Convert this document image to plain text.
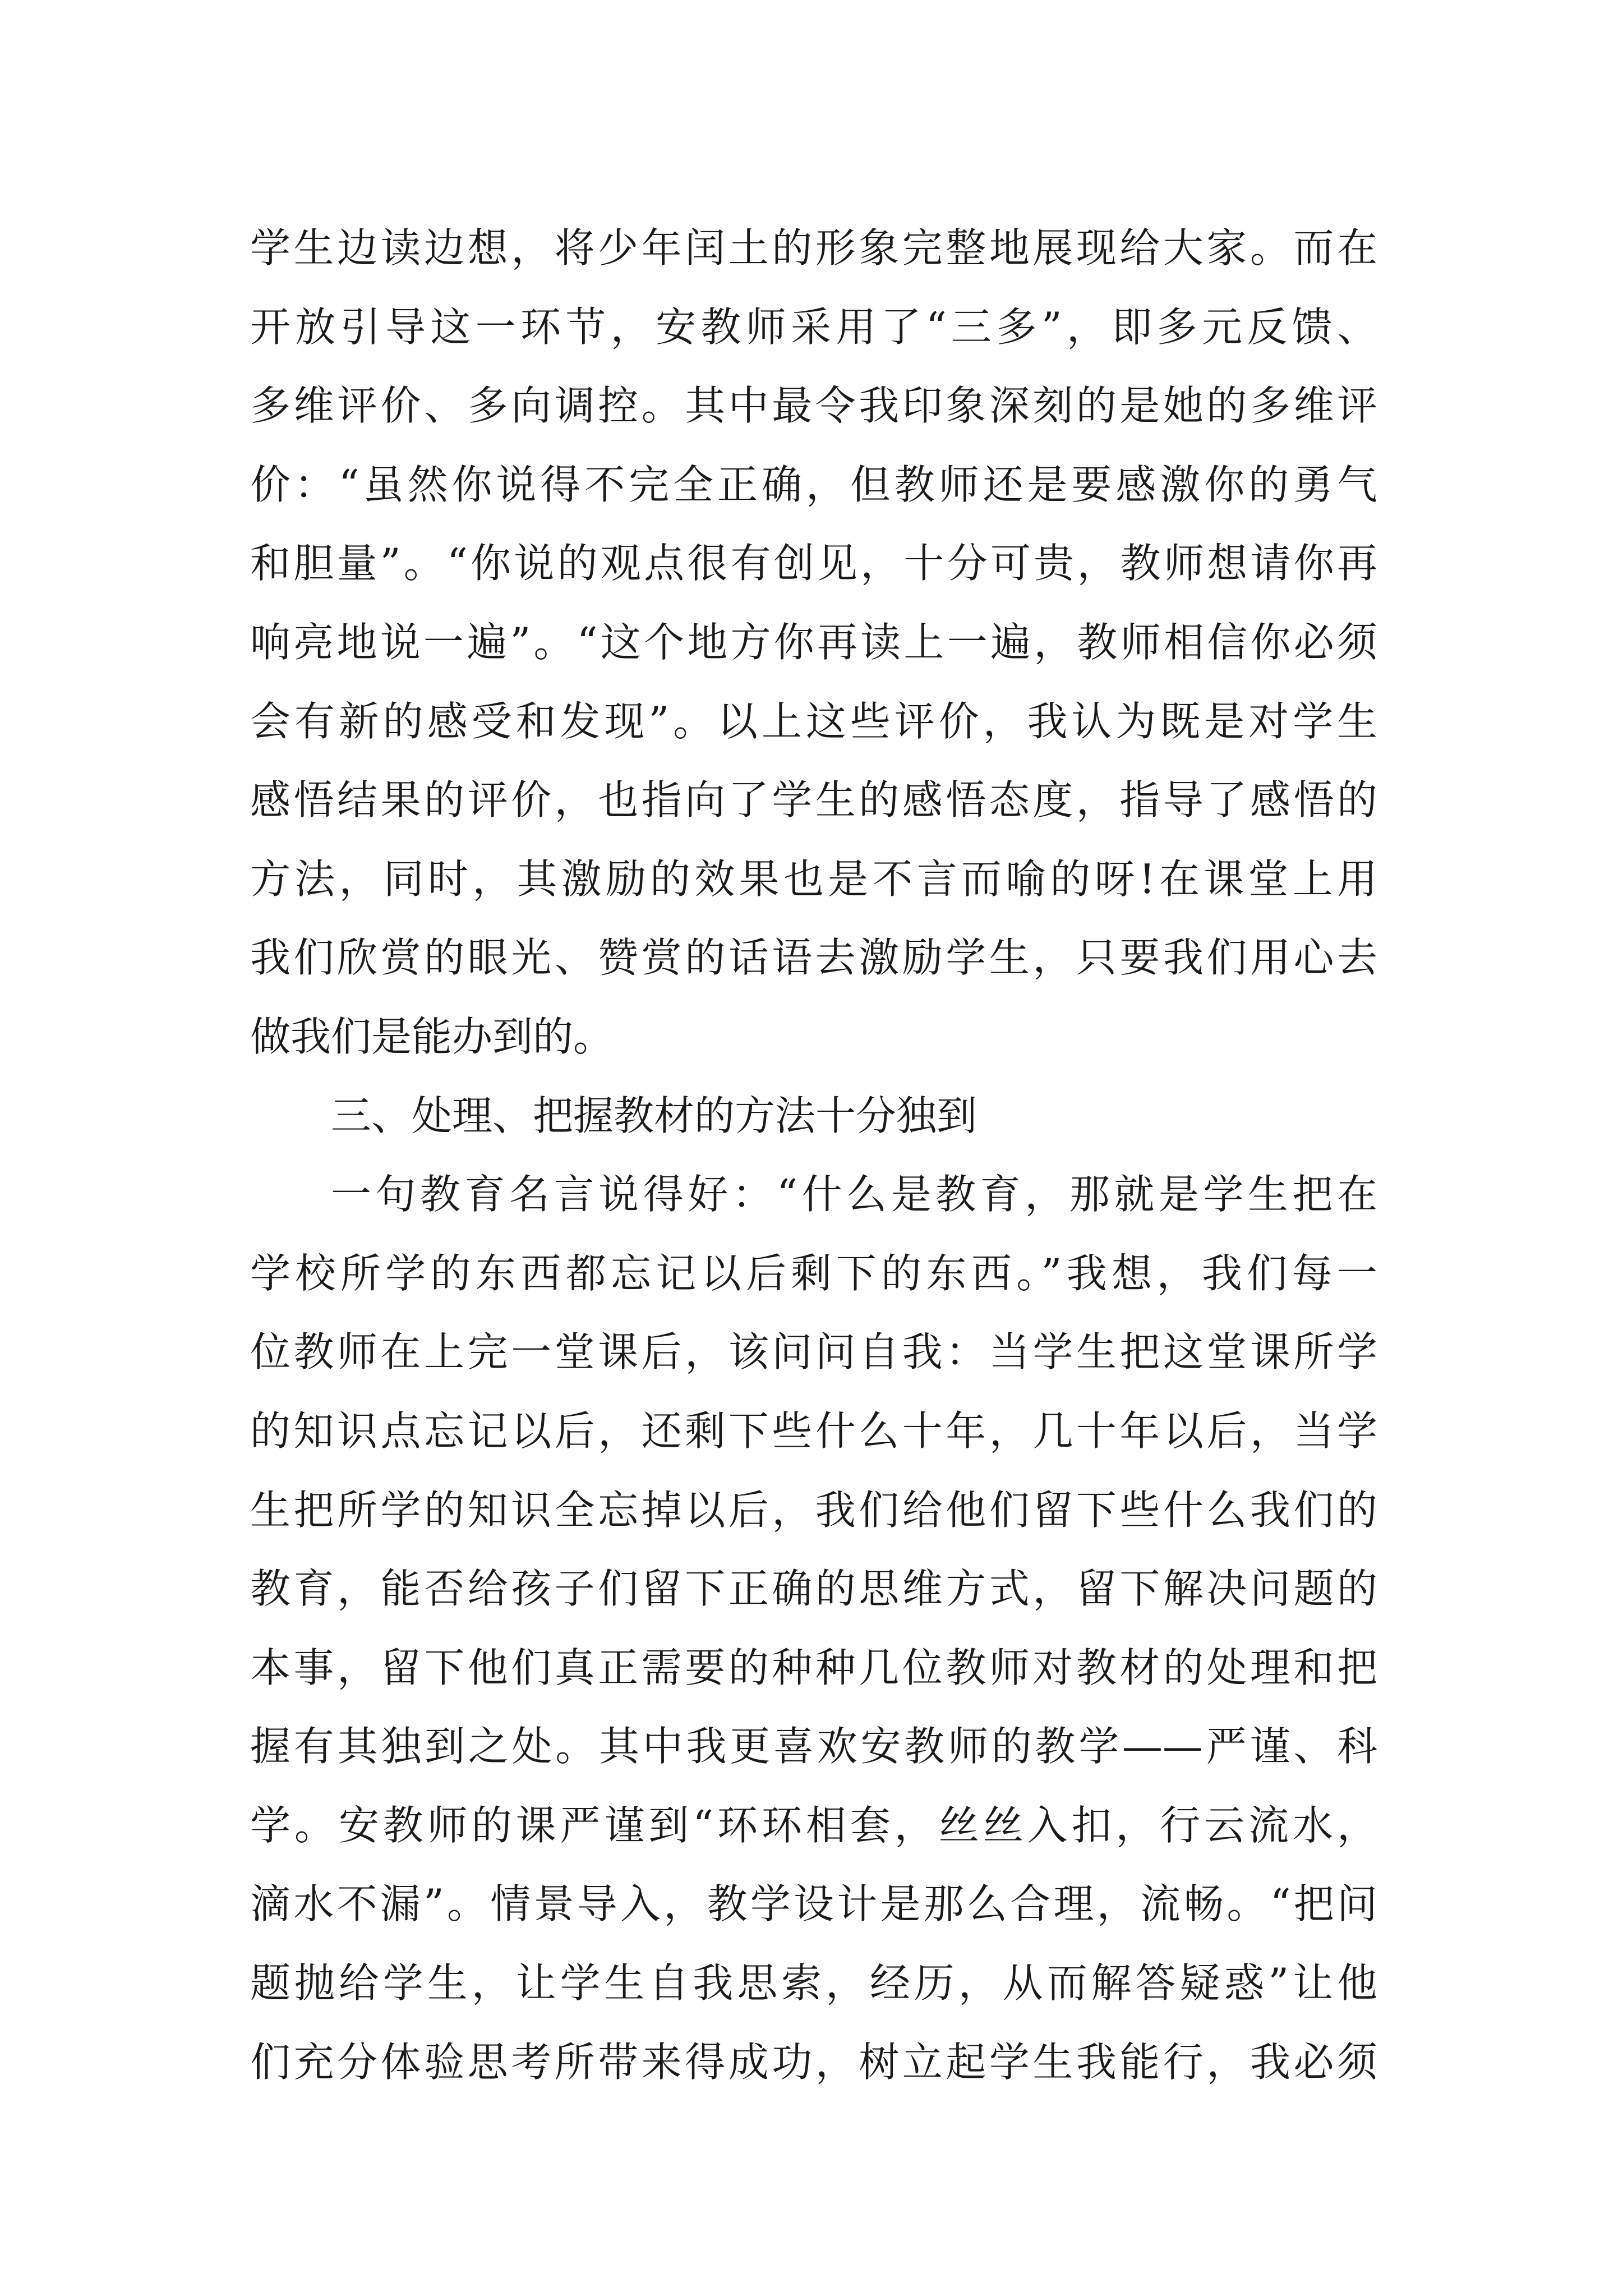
学生边读边想，将少年闰土的形象完整地展现给大家。而在
开放引导这一环节，安教师采用了“三多”，即多元反馈、
多维评价、多向调控。其中最令我印象深刻的是她的多维评
价：“虽然你说得不完全正确，但教师还是要感激你的勇气
和胆量”。“你说的观点很有创见，十分可贵，教师想请你再
响亮地说一遍”。“这个地方你再读上一遍，教师相信你必须
会有新的感受和发现”。以上这些评价，我认为既是对学生
感悟结果的评价，也指向了学生的感悟态度，指导了感悟的
方法，同时，其激励的效果也是不言而喻的呀!在课堂上用
我们欣赏的眼光、赞赏的话语去激励学生，只要我们用心去
做我们是能办到的。
三、处理、把握教材的方法十分独到
一句教育名言说得好：“什么是教育，那就是学生把在
学校所学的东西都忘记以后剩下的东西。”我想，我们每一
位教师在上完一堂课后，该问问自我：当学生把这堂课所学
的知识点忘记以后，还剩下些什么十年，几十年以后，当学
生把所学的知识全忘掉以后，我们给他们留下些什么我们的
教育，能否给孩子们留下正确的思维方式，留下解决问题的
本事，留下他们真正需要的种种几位教师对教材的处理和把
握有其独到之处。其中我更喜欢安教师的教学——严谨、科
学。安教师的课严谨到“环环相套，丝丝入扣，行云流水，
滴水不漏”。情景导入，教学设计是那么合理，流畅。“把问
题抛给学生，让学生自我思索，经历，从而解答疑惑”让他
们充分体验思考所带来得成功，树立起学生我能行，我必须
